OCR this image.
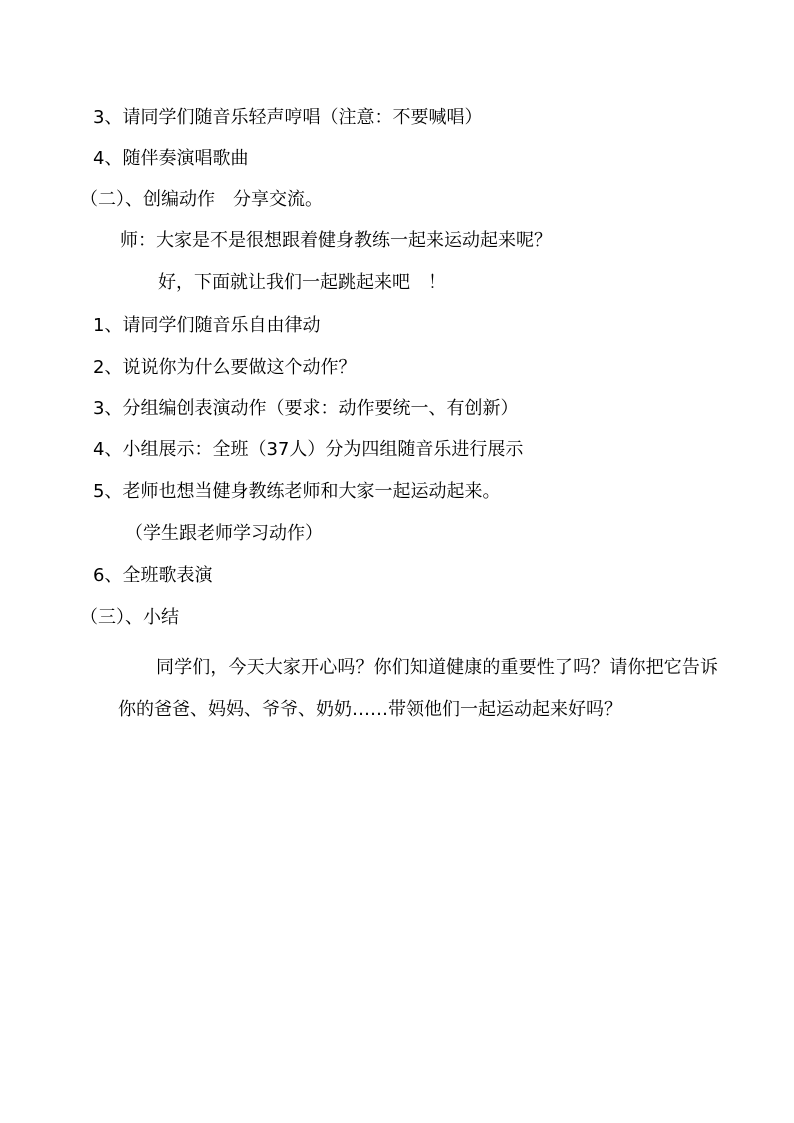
3、请同学们随音乐轻声哼唱（注意：不要喊唱）
4、随伴奏演唱歌曲
（二）、创编动作　分享交流。
师：大家是不是很想跟着健身教练一起来运动起来呢？
好，下面就让我们一起跳起来吧　！
1、请同学们随音乐自由律动
2、说说你为什么要做这个动作？
3、分组编创表演动作（要求：动作要统一、有创新）
4、小组展示：全班（37人）分为四组随音乐进行展示
5、老师也想当健身教练老师和大家一起运动起来。
（学生跟老师学习动作）
6、全班歌表演
（三）、小结
同学们，今天大家开心吗？你们知道健康的重要性了吗？请你把它告诉你的爸爸、妈妈、爷爷、奶奶……带领他们一起运动起来好吗？
